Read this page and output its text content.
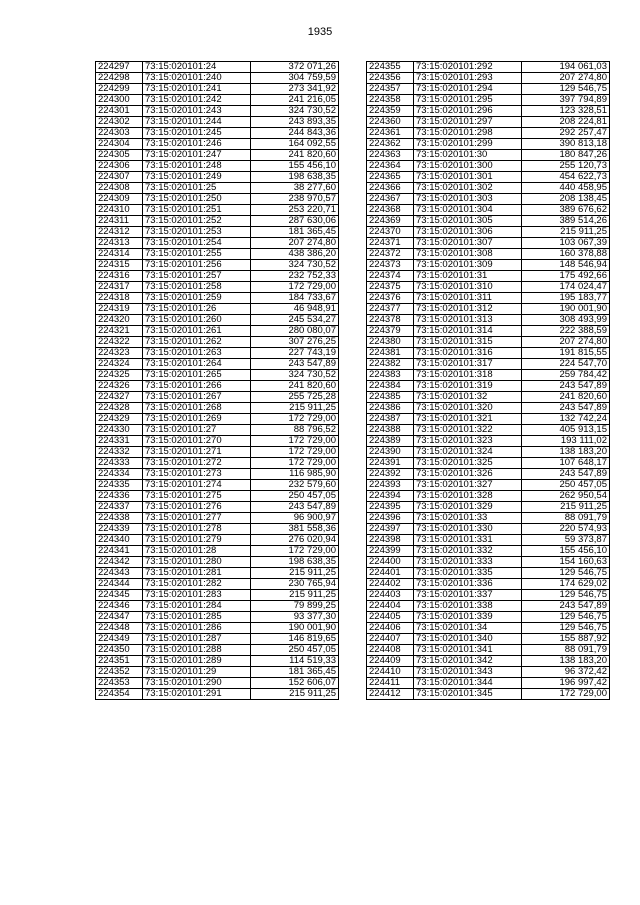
1935
224297	73:15:020101:24	372 071,26
224298	73:15:020101:240	304 759,59
224299	73:15:020101:241	273 341,92
224300	73:15:020101:242	241 216,05
224301	73:15:020101:243	324 730,52
224302	73:15:020101:244	243 893,35
224303	73:15:020101:245	244 843,36
224304	73:15:020101:246	164 092,55
224305	73:15:020101:247	241 820,60
224306	73:15:020101:248	155 456,10
224307	73:15:020101:249	198 638,35
224308	73:15:020101:25	38 277,60
224309	73:15:020101:250	238 970,57
224310	73:15:020101:251	253 220,71
224311	73:15:020101:252	287 630,06
224312	73:15:020101:253	181 365,45
224313	73:15:020101:254	207 274,80
224314	73:15:020101:255	438 386,20
224315	73:15:020101:256	324 730,52
224316	73:15:020101:257	232 752,33
224317	73:15:020101:258	172 729,00
224318	73:15:020101:259	184 733,67
224319	73:15:020101:26	46 948,91
224320	73:15:020101:260	245 534,27
224321	73:15:020101:261	280 080,07
224322	73:15:020101:262	307 276,25
224323	73:15:020101:263	227 743,19
224324	73:15:020101:264	243 547,89
224325	73:15:020101:265	324 730,52
224326	73:15:020101:266	241 820,60
224327	73:15:020101:267	255 725,28
224328	73:15:020101:268	215 911,25
224329	73:15:020101:269	172 729,00
224330	73:15:020101:27	88 796,52
224331	73:15:020101:270	172 729,00
224332	73:15:020101:271	172 729,00
224333	73:15:020101:272	172 729,00
224334	73:15:020101:273	116 985,90
224335	73:15:020101:274	232 579,60
224336	73:15:020101:275	250 457,05
224337	73:15:020101:276	243 547,89
224338	73:15:020101:277	96 900,97
224339	73:15:020101:278	381 558,36
224340	73:15:020101:279	276 020,94
224341	73:15:020101:28	172 729,00
224342	73:15:020101:280	198 638,35
224343	73:15:020101:281	215 911,25
224344	73:15:020101:282	230 765,94
224345	73:15:020101:283	215 911,25
224346	73:15:020101:284	79 899,25
224347	73:15:020101:285	93 377,30
224348	73:15:020101:286	190 001,90
224349	73:15:020101:287	146 819,65
224350	73:15:020101:288	250 457,05
224351	73:15:020101:289	114 519,33
224352	73:15:020101:29	181 365,45
224353	73:15:020101:290	152 606,07
224354	73:15:020101:291	215 911,25
224355	73:15:020101:292	194 061,03
224356	73:15:020101:293	207 274,80
224357	73:15:020101:294	129 546,75
224358	73:15:020101:295	397 794,89
224359	73:15:020101:296	123 328,51
224360	73:15:020101:297	208 224,81
224361	73:15:020101:298	292 257,47
224362	73:15:020101:299	390 813,18
224363	73:15:020101:30	180 847,26
224364	73:15:020101:300	255 120,73
224365	73:15:020101:301	454 622,73
224366	73:15:020101:302	440 458,95
224367	73:15:020101:303	208 138,45
224368	73:15:020101:304	389 676,62
224369	73:15:020101:305	389 514,26
224370	73:15:020101:306	215 911,25
224371	73:15:020101:307	103 067,39
224372	73:15:020101:308	160 378,88
224373	73:15:020101:309	148 546,94
224374	73:15:020101:31	175 492,66
224375	73:15:020101:310	174 024,47
224376	73:15:020101:311	195 183,77
224377	73:15:020101:312	190 001,90
224378	73:15:020101:313	308 493,99
224379	73:15:020101:314	222 388,59
224380	73:15:020101:315	207 274,80
224381	73:15:020101:316	191 815,55
224382	73:15:020101:317	224 547,70
224383	73:15:020101:318	259 784,42
224384	73:15:020101:319	243 547,89
224385	73:15:020101:32	241 820,60
224386	73:15:020101:320	243 547,89
224387	73:15:020101:321	132 742,24
224388	73:15:020101:322	405 913,15
224389	73:15:020101:323	193 111,02
224390	73:15:020101:324	138 183,20
224391	73:15:020101:325	107 648,17
224392	73:15:020101:326	243 547,89
224393	73:15:020101:327	250 457,05
224394	73:15:020101:328	262 950,54
224395	73:15:020101:329	215 911,25
224396	73:15:020101:33	88 091,79
224397	73:15:020101:330	220 574,93
224398	73:15:020101:331	59 373,87
224399	73:15:020101:332	155 456,10
224400	73:15:020101:333	154 160,63
224401	73:15:020101:335	129 546,75
224402	73:15:020101:336	174 629,02
224403	73:15:020101:337	129 546,75
224404	73:15:020101:338	243 547,89
224405	73:15:020101:339	129 546,75
224406	73:15:020101:34	129 546,75
224407	73:15:020101:340	155 887,92
224408	73:15:020101:341	88 091,79
224409	73:15:020101:342	138 183,20
224410	73:15:020101:343	96 372,42
224411	73:15:020101:344	196 997,42
224412	73:15:020101:345	172 729,00
